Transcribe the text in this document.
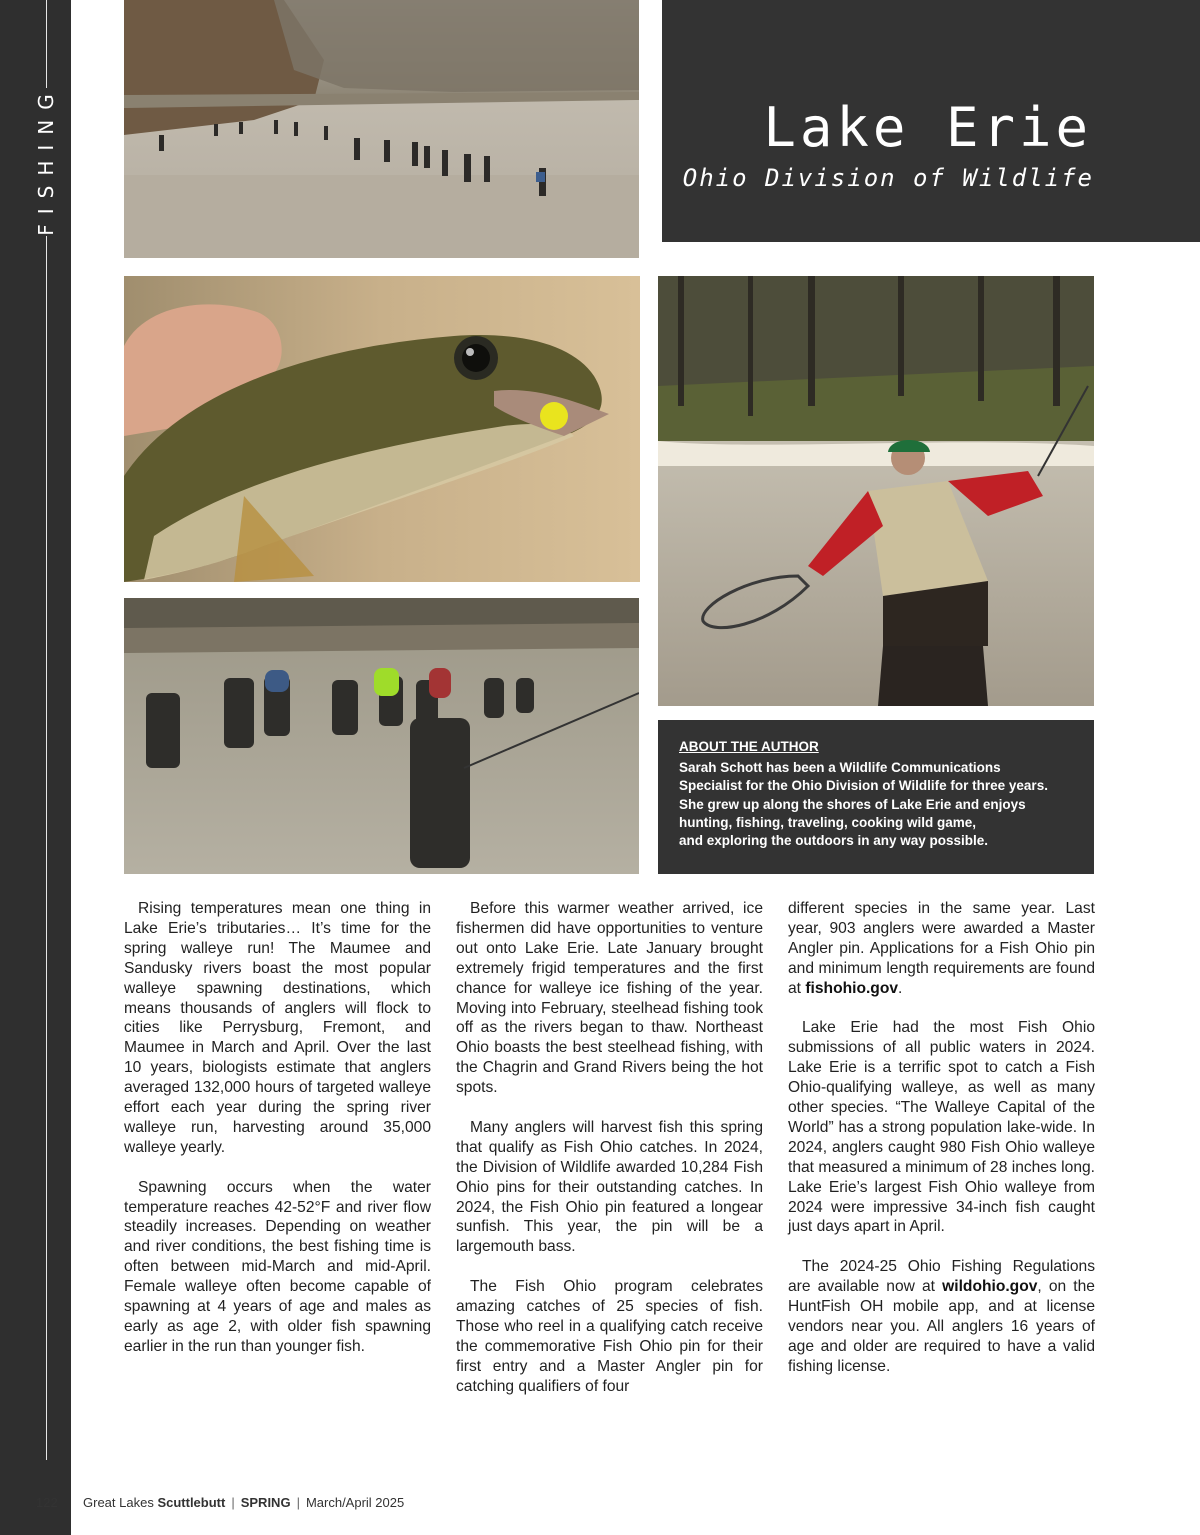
FISHING	Lake Erie
Ohio Division of Wildlife
ABOUT THE AUTHOR
Sarah Schott has been a Wildlife Communications
Specialist for the Ohio Division of Wildlife for three years.
She grew up along the shores of Lake Erie and enjoys
hunting, fishing, traveling, cooking wild game,
and exploring the outdoors in any way possible.

Rising temperatures mean one thing in Lake Erie’s tributaries… It’s time for the spring walleye run! The Maumee and Sandusky rivers boast the most popular walleye spawning destinations, which means thousands of anglers will flock to cities like Perrysburg, Fremont, and Maumee in March and April. Over the last 10 years, biologists estimate that anglers averaged 132,000 hours of targeted walleye effort each year during the spring river walleye run, harvesting around 35,000 walleye yearly.

Spawning occurs when the water temperature reaches 42-52°F and river flow steadily increases. Depending on weather and river conditions, the best fishing time is often between mid-March and mid-April. Female walleye often become capable of spawning at 4 years of age and males as early as age 2, with older fish spawning earlier in the run than younger fish.

Before this warmer weather arrived, ice fishermen did have opportunities to venture out onto Lake Erie. Late January brought extremely frigid temperatures and the first chance for walleye ice fishing of the year. Moving into February, steelhead fishing took off as the rivers began to thaw. Northeast Ohio boasts the best steelhead fishing, with the Chagrin and Grand Rivers being the hot spots.

Many anglers will harvest fish this spring that qualify as Fish Ohio catches. In 2024, the Division of Wildlife awarded 10,284 Fish Ohio pins for their outstanding catches. In 2024, the Fish Ohio pin featured a longear sunfish. This year, the pin will be a largemouth bass.

The Fish Ohio program celebrates amazing catches of 25 species of fish. Those who reel in a qualifying catch receive the commemorative Fish Ohio pin for their first entry and a Master Angler pin for catching qualifiers of four

different species in the same year. Last year, 903 anglers were awarded a Master Angler pin. Applications for a Fish Ohio pin and minimum length requirements are found at fishohio.gov.

Lake Erie had the most Fish Ohio submissions of all public waters in 2024. Lake Erie is a terrific spot to catch a Fish Ohio-qualifying walleye, as well as many other species. “The Walleye Capital of the World” has a strong population lake-wide. In 2024, anglers caught 980 Fish Ohio walleye that measured a minimum of 28 inches long. Lake Erie’s largest Fish Ohio walleye from 2024 were impressive 34-inch fish caught just days apart in April.

The 2024-25 Ohio Fishing Regulations are available now at wildohio.gov, on the HuntFish OH mobile app, and at license vendors near you. All anglers 16 years of age and older are required to have a valid fishing license.

122 Great Lakes Scuttlebutt | SPRING | March/April 2025
